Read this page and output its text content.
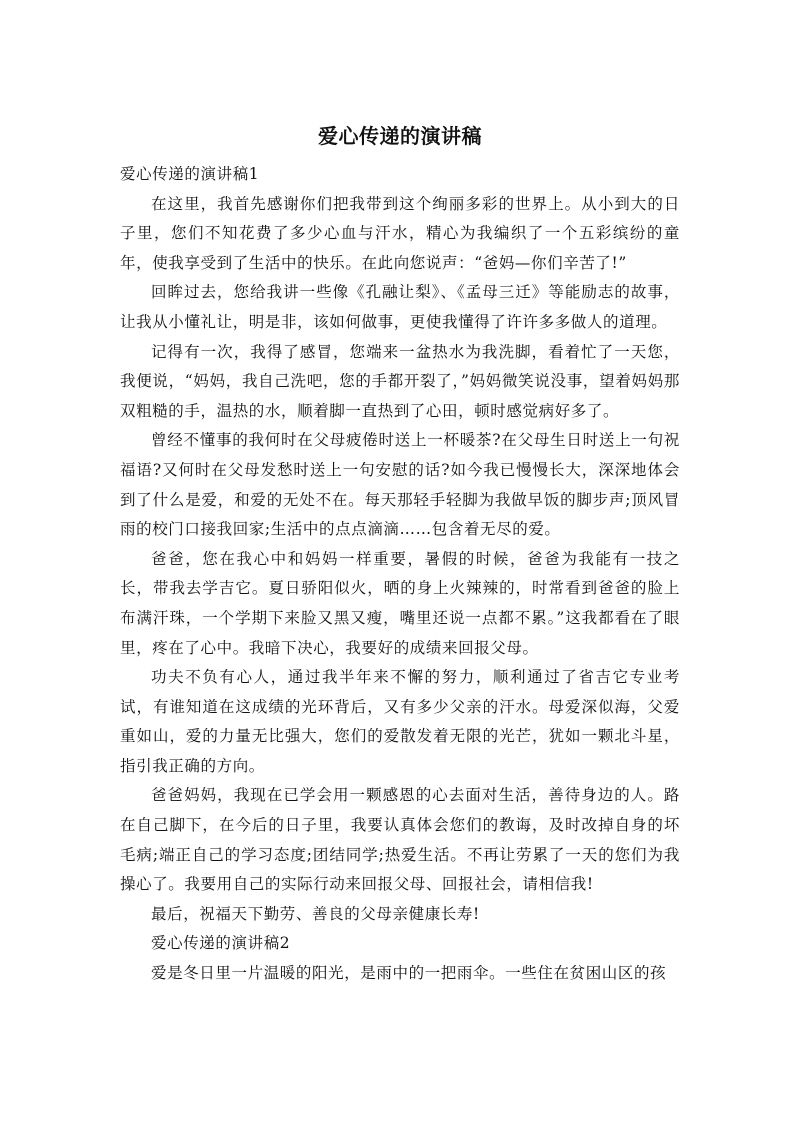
爱心传递的演讲稿

爱心传递的演讲稿1

在这里，我首先感谢你们把我带到这个绚丽多彩的世界上。从小到大的日子里，您们不知花费了多少心血与汗水，精心为我编织了一个五彩缤纷的童年，使我享受到了生活中的快乐。在此向您说声：“爸妈—你们辛苦了!”

回眸过去，您给我讲一些像《孔融让梨》、《孟母三迁》等能励志的故事，让我从小懂礼让，明是非，该如何做事，更使我懂得了许许多多做人的道理。

记得有一次，我得了感冒，您端来一盆热水为我洗脚，看着忙了一天您，我便说，“妈妈，我自己洗吧，您的手都开裂了，”妈妈微笑说没事，望着妈妈那双粗糙的手，温热的水，顺着脚一直热到了心田，顿时感觉病好多了。

曾经不懂事的我何时在父母疲倦时送上一杯暖茶?在父母生日时送上一句祝福语?又何时在父母发愁时送上一句安慰的话?如今我已慢慢长大，深深地体会到了什么是爱，和爱的无处不在。每天那轻手轻脚为我做早饭的脚步声;顶风冒雨的校门口接我回家;生活中的点点滴滴……包含着无尽的爱。

爸爸，您在我心中和妈妈一样重要，暑假的时候，爸爸为我能有一技之长，带我去学吉它。夏日骄阳似火，晒的身上火辣辣的，时常看到爸爸的脸上布满汗珠，一个学期下来脸又黑又瘦，嘴里还说一点都不累。”这我都看在了眼里，疼在了心中。我暗下决心，我要好的成绩来回报父母。

功夫不负有心人，通过我半年来不懈的努力，顺利通过了省吉它专业考试，有谁知道在这成绩的光环背后，又有多少父亲的汗水。母爱深似海，父爱重如山，爱的力量无比强大，您们的爱散发着无限的光芒，犹如一颗北斗星，指引我正确的方向。

爸爸妈妈，我现在已学会用一颗感恩的心去面对生活，善待身边的人。路在自己脚下，在今后的日子里，我要认真体会您们的教诲，及时改掉自身的坏毛病;端正自己的学习态度;团结同学;热爱生活。不再让劳累了一天的您们为我操心了。我要用自己的实际行动来回报父母、回报社会，请相信我!

最后，祝福天下勤劳、善良的父母亲健康长寿!

爱心传递的演讲稿2

爱是冬日里一片温暖的阳光，是雨中的一把雨伞。一些住在贫困山区的孩
